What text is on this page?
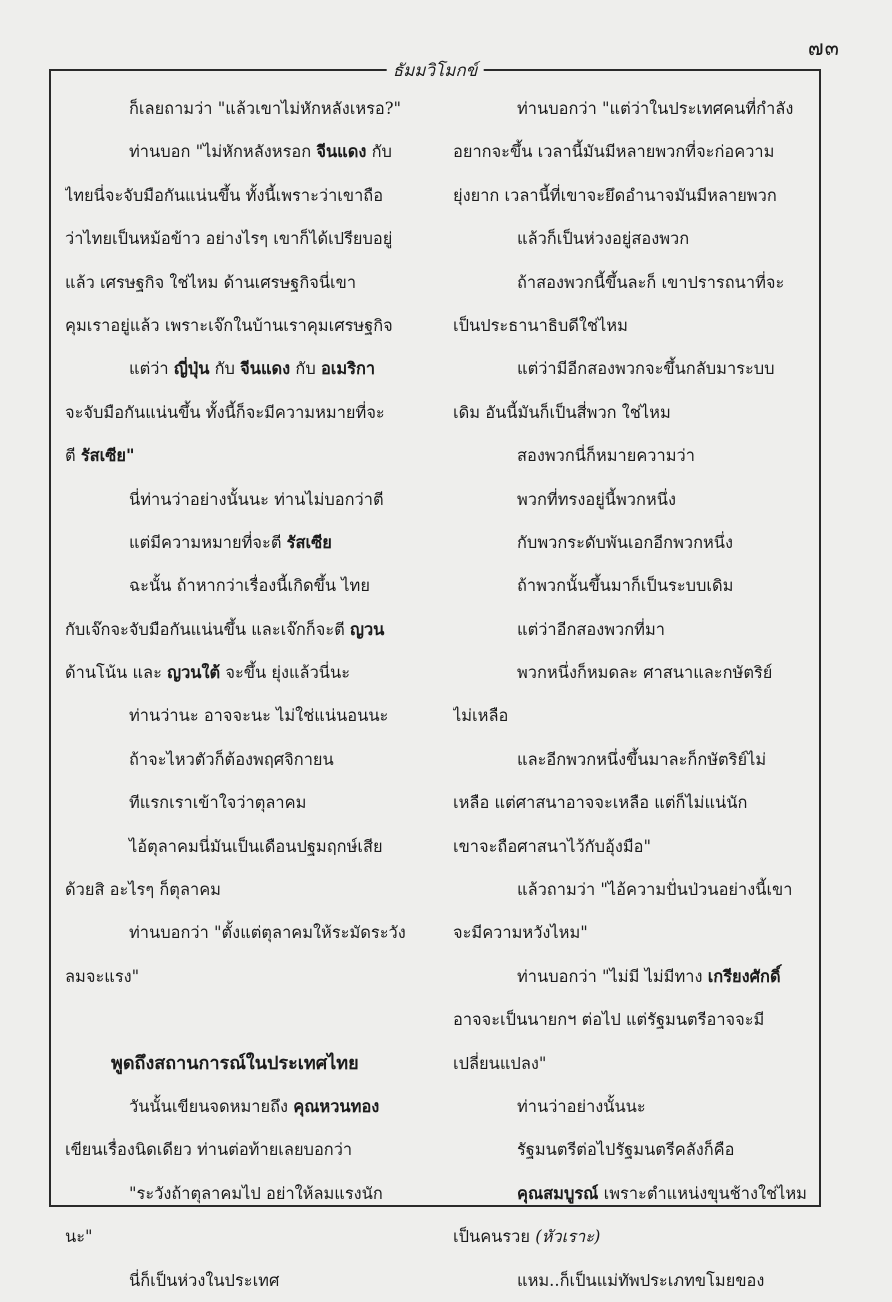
๗๓
ธัมมวิโมกข์
ก็เลยถามว่า "แล้วเขาไม่หักหลังเหรอ?"
ท่านบอก "ไม่หักหลังหรอก จีนแดง กับ
ไทยนี่จะจับมือกันแน่นขึ้น ทั้งนี้เพราะว่าเขาถือ
ว่าไทยเป็นหม้อข้าว อย่างไรๆ เขาก็ได้เปรียบอยู่
แล้ว เศรษฐกิจ ใช่ไหม ด้านเศรษฐกิจนี่เขา
คุมเราอยู่แล้ว เพราะเจ๊กในบ้านเราคุมเศรษฐกิจ
แต่ว่า ญี่ปุ่น กับ จีนแดง กับ อเมริกา
จะจับมือกันแน่นขึ้น ทั้งนี้ก็จะมีความหมายที่จะ
ตี รัสเซีย"
นี่ท่านว่าอย่างนั้นนะ ท่านไม่บอกว่าตี
แต่มีความหมายที่จะตี รัสเซีย
ฉะนั้น ถ้าหากว่าเรื่องนี้เกิดขึ้น ไทย
กับเจ๊กจะจับมือกันแน่นขึ้น และเจ๊กก็จะตี ญวน
ด้านโน้น และ ญวนใต้ จะขึ้น ยุ่งแล้วนี่นะ
ท่านว่านะ อาจจะนะ ไม่ใช่แน่นอนนะ
ถ้าจะไหวตัวก็ต้องพฤศจิกายน
ทีแรกเราเข้าใจว่าตุลาคม
ไอ้ตุลาคมนี่มันเป็นเดือนปฐมฤกษ์เสีย
ด้วยสิ อะไรๆ ก็ตุลาคม
ท่านบอกว่า "ตั้งแต่ตุลาคมให้ระมัดระวัง
ลมจะแรง"
พูดถึงสถานการณ์ในประเทศไทย
วันนั้นเขียนจดหมายถึง คุณหวนทอง
เขียนเรื่องนิดเดียว ท่านต่อท้ายเลยบอกว่า
"ระวังถ้าตุลาคมไป อย่าให้ลมแรงนัก
นะ"
นี่ก็เป็นห่วงในประเทศ
ท่านบอกว่า "แต่ว่าในประเทศคนที่กำลัง
อยากจะขึ้น เวลานี้มันมีหลายพวกที่จะก่อความ
ยุ่งยาก เวลานี้ที่เขาจะยึดอำนาจมันมีหลายพวก
แล้วก็เป็นห่วงอยู่สองพวก
ถ้าสองพวกนี้ขึ้นละก็ เขาปรารถนาที่จะ
เป็นประธานาธิบดีใช่ไหม
แต่ว่ามีอีกสองพวกจะขึ้นกลับมาระบบ
เดิม อันนี้มันก็เป็นสี่พวก ใช่ไหม
สองพวกนี่ก็หมายความว่า
พวกที่ทรงอยู่นี้พวกหนึ่ง
กับพวกระดับพันเอกอีกพวกหนึ่ง
ถ้าพวกนั้นขึ้นมาก็เป็นระบบเดิม
แต่ว่าอีกสองพวกที่มา
พวกหนึ่งก็หมดละ ศาสนาและกษัตริย์
ไม่เหลือ
และอีกพวกหนึ่งขึ้นมาละก็กษัตริย์ไม่
เหลือ แต่ศาสนาอาจจะเหลือ แต่ก็ไม่แน่นัก
เขาจะถือศาสนาไว้กับอุ้งมือ"
แล้วถามว่า "ไอ้ความปั่นป่วนอย่างนี้เขา
จะมีความหวังไหม"
ท่านบอกว่า "ไม่มี ไม่มีทาง เกรียงศักดิ์
อาจจะเป็นนายกฯ ต่อไป แต่รัฐมนตรีอาจจะมี
เปลี่ยนแปลง"
ท่านว่าอย่างนั้นนะ
รัฐมนตรีต่อไปรัฐมนตรีคลังก็คือ
คุณสมบูรณ์ เพราะตำแหน่งขุนช้างใช่ไหม
เป็นคนรวย (หัวเราะ)
แหม..ก็เป็นแม่ทัพประเภทขโมยของ
